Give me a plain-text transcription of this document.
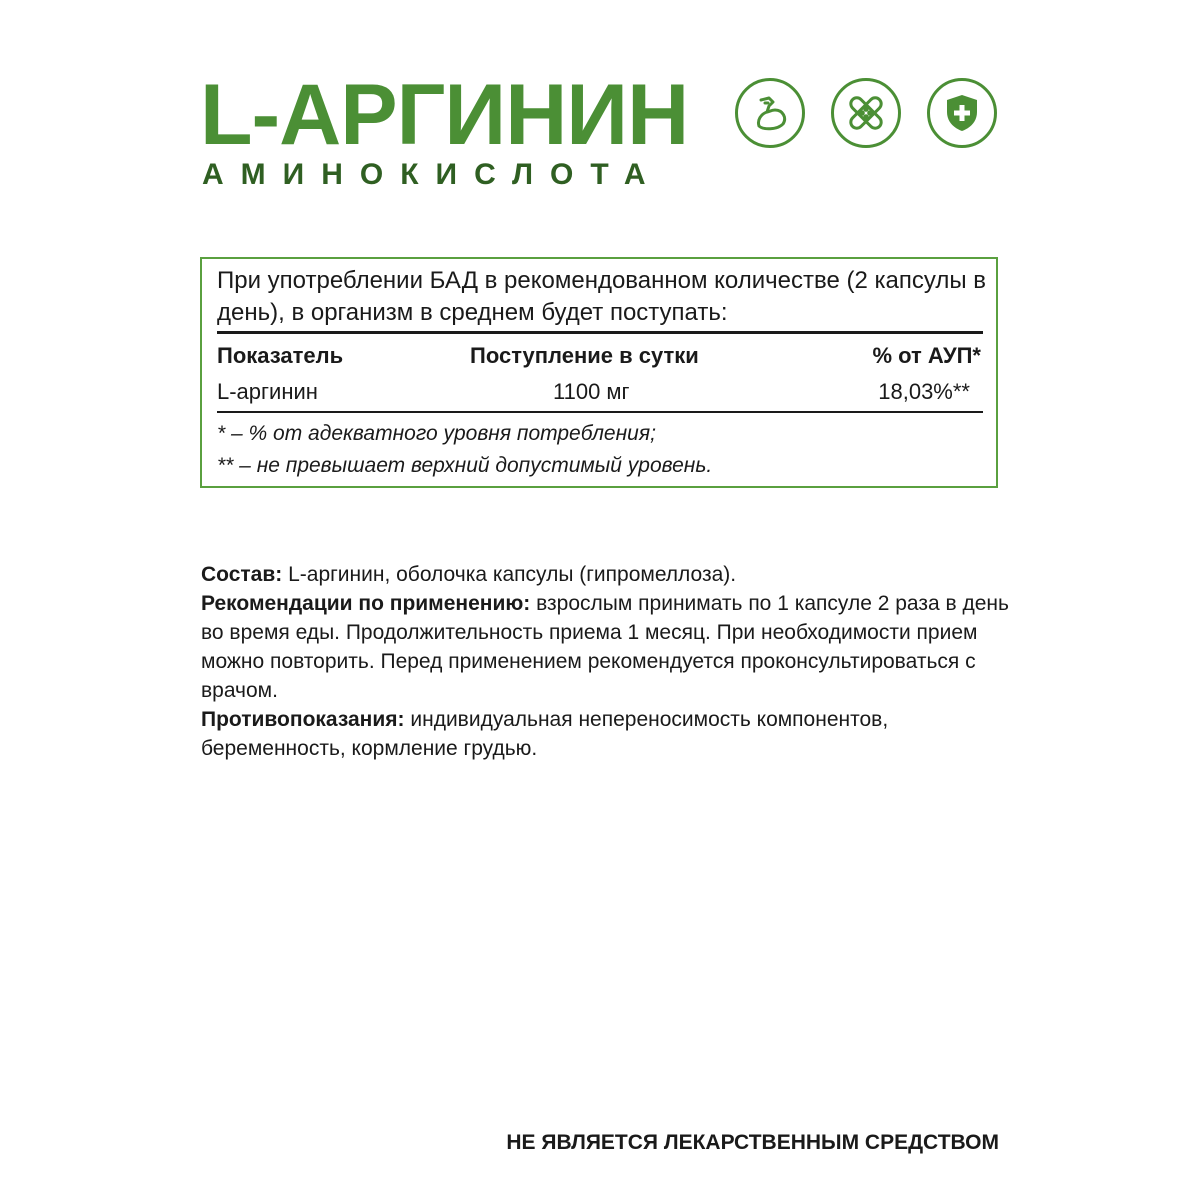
L-АРГИНИН
АМИНОКИСЛОТА
При употреблении БАД в рекомендованном количестве (2 капсулы в день), в организм в среднем будет поступать:
Показатель	Поступление в сутки	% от АУП*
L-аргинин	1100 мг	18,03%**
* – % от адекватного уровня потребления;
** – не превышает верхний допустимый уровень.
Состав: L-аргинин, оболочка капсулы (гипромеллоза).
Рекомендации по применению: взрослым принимать по 1 капсуле 2 раза в день во время еды. Продолжительность приема 1 месяц. При необходимости прием можно повторить. Перед применением рекомендуется проконсультироваться с врачом.
Противопоказания: индивидуальная непереносимость компонентов, беременность, кормление грудью.
НЕ ЯВЛЯЕТСЯ ЛЕКАРСТВЕННЫМ СРЕДСТВОМ
